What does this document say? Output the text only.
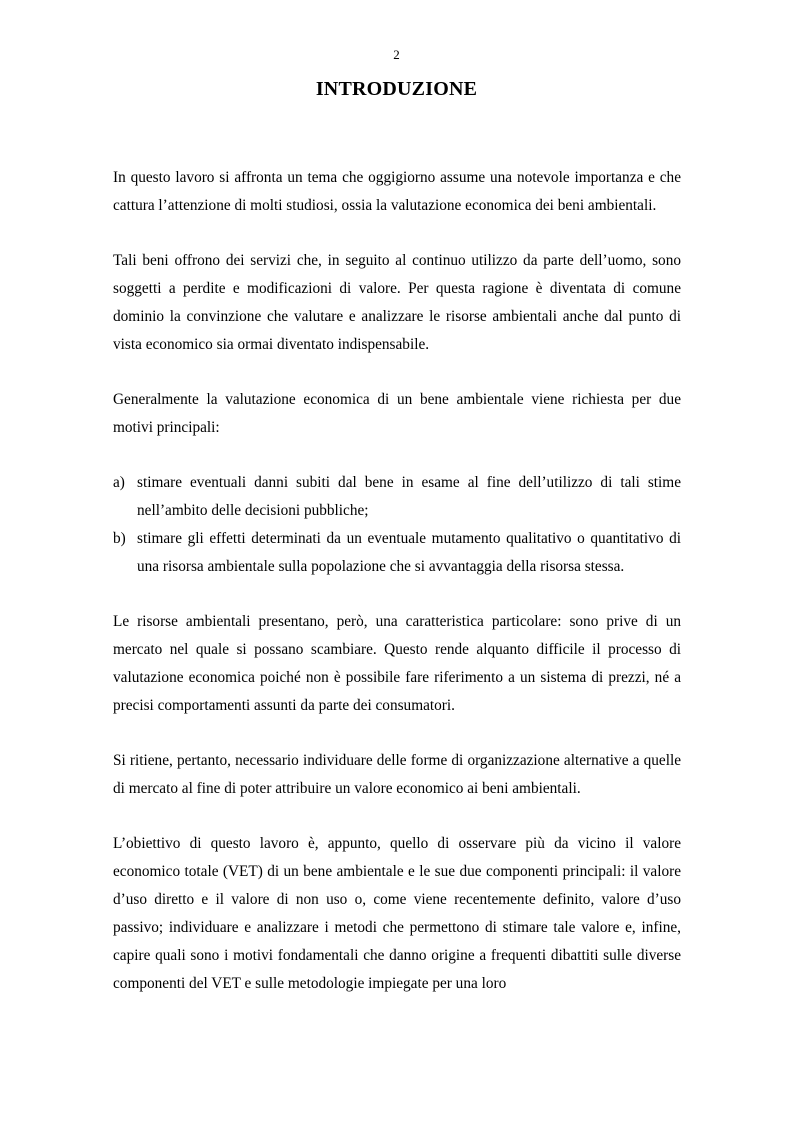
2
INTRODUZIONE

In questo lavoro si affronta un tema che oggigiorno assume una notevole importanza e che cattura l’attenzione di molti studiosi, ossia la valutazione economica dei beni ambientali.

Tali beni offrono dei servizi che, in seguito al continuo utilizzo da parte dell’uomo, sono soggetti a perdite e modificazioni di valore. Per questa ragione è diventata di comune dominio la convinzione che valutare e analizzare le risorse ambientali anche dal punto di vista economico sia ormai diventato indispensabile.

Generalmente la valutazione economica di un bene ambientale viene richiesta per due motivi principali:

a) stimare eventuali danni subiti dal bene in esame al fine dell’utilizzo di tali stime nell’ambito delle decisioni pubbliche;
b) stimare gli effetti determinati da un eventuale mutamento qualitativo o quantitativo di una risorsa ambientale sulla popolazione che si avvantaggia della risorsa stessa.

Le risorse ambientali presentano, però, una caratteristica particolare: sono prive di un mercato nel quale si possano scambiare. Questo rende alquanto difficile il processo di valutazione economica poiché non è possibile fare riferimento a un sistema di prezzi, né a precisi comportamenti assunti da parte dei consumatori.

Si ritiene, pertanto, necessario individuare delle forme di organizzazione alternative a quelle di mercato al fine di poter attribuire un valore economico ai beni ambientali.

L’obiettivo di questo lavoro è, appunto, quello di osservare più da vicino il valore economico totale (VET) di un bene ambientale e le sue due componenti principali: il valore d’uso diretto e il valore di non uso o, come viene recentemente definito, valore d’uso passivo; individuare e analizzare i metodi che permettono di stimare tale valore e, infine, capire quali sono i motivi fondamentali che danno origine a frequenti dibattiti sulle diverse componenti del VET e sulle metodologie impiegate per una loro
